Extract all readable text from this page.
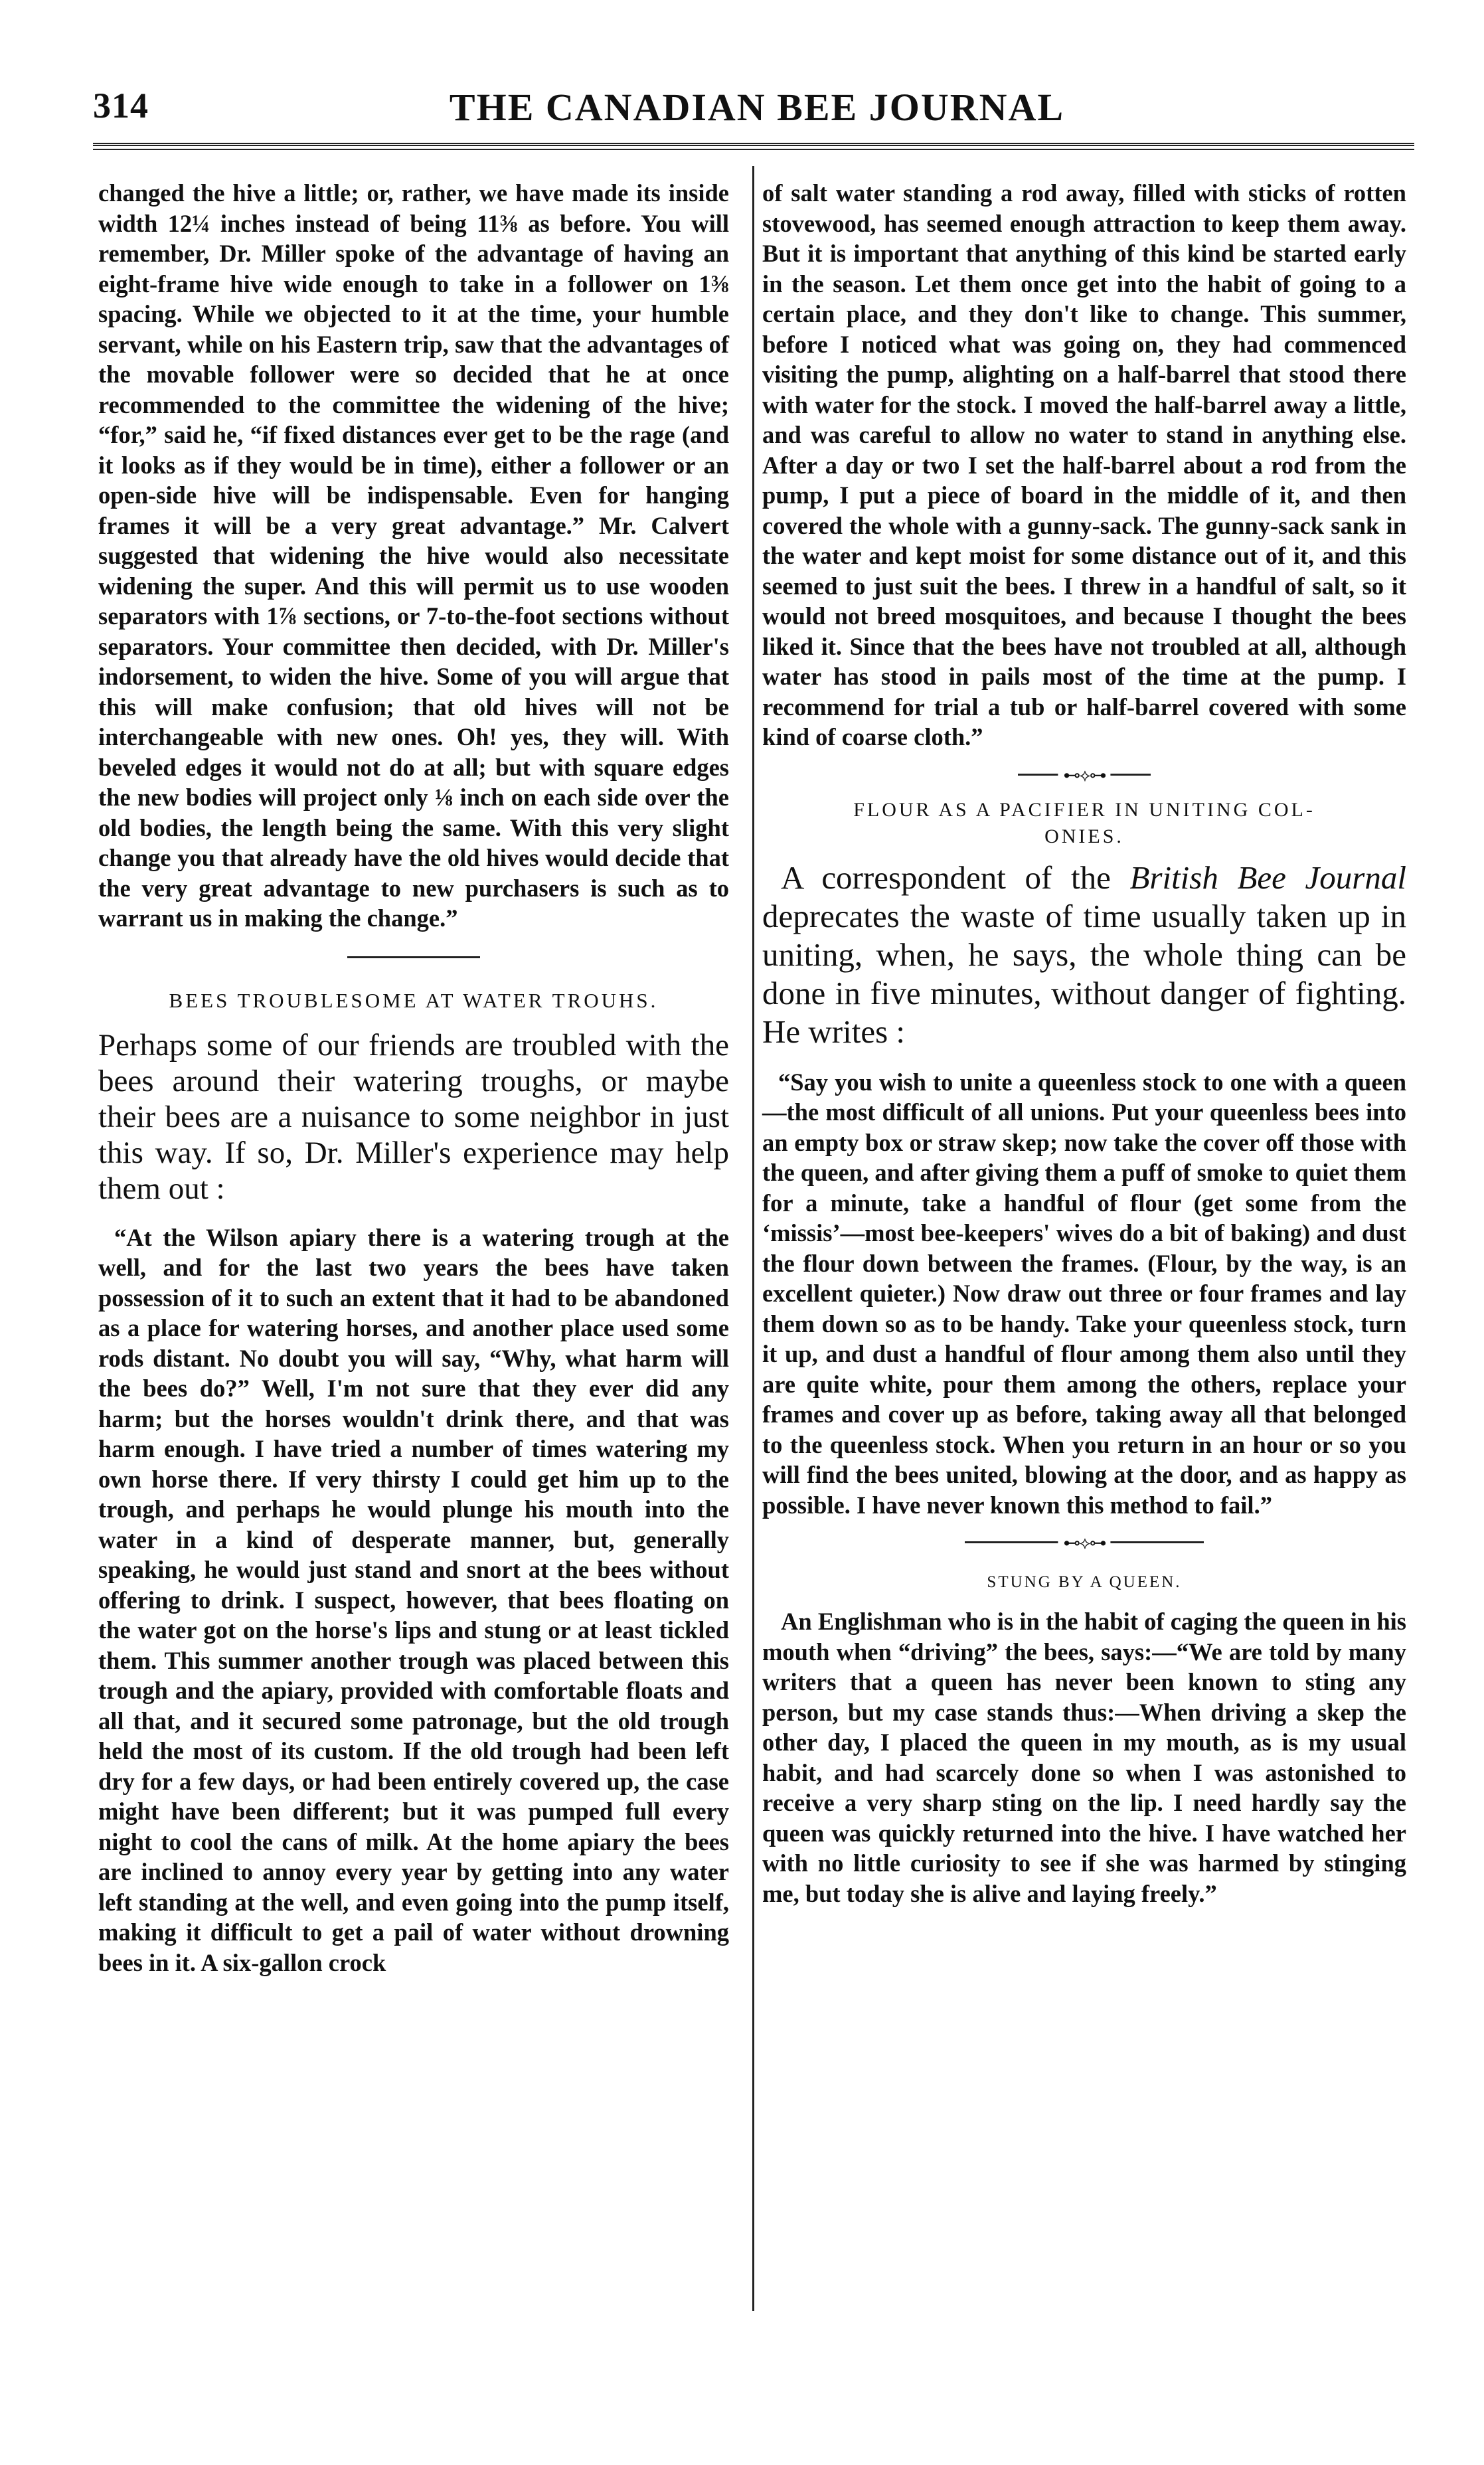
314	THE CANADIAN BEE JOURNAL

changed the hive a little; or, rather, we have made its inside width 12¼ inches instead of being 11⅜ as before. You will remember, Dr. Miller spoke of the advantage of having an eight-frame hive wide enough to take in a follower on 1⅜ spacing. While we objected to it at the time, your humble servant, while on his Eastern trip, saw that the advantages of the movable follower were so decided that he at once recommended to the committee the widening of the hive; “for,” said he, “if fixed distances ever get to be the rage (and it looks as if they would be in time), either a follower or an open-side hive will be indispensable. Even for hanging frames it will be a very great advantage.” Mr. Calvert suggested that widening the hive would also necessitate widening the super. And this will permit us to use wooden separators with 1⅞ sections, or 7-to-the-foot sections without separators. Your committee then decided, with Dr. Miller's indorsement, to widen the hive. Some of you will argue that this will make confusion; that old hives will not be interchangeable with new ones. Oh! yes, they will. With beveled edges it would not do at all; but with square edges the new bodies will project only ⅛ inch on each side over the old bodies, the length being the same. With this very slight change you that already have the old hives would decide that the very great advantage to new purchasers is such as to warrant us in making the change.”

BEES TROUBLESOME AT WATER TROUHS.

Perhaps some of our friends are troubled with the bees around their watering troughs, or maybe their bees are a nuisance to some neighbor in just this way. If so, Dr. Miller's experience may help them out :

“At the Wilson apiary there is a watering trough at the well, and for the last two years the bees have taken possession of it to such an extent that it had to be abandoned as a place for watering horses, and another place used some rods distant. No doubt you will say, “Why, what harm will the bees do?” Well, I'm not sure that they ever did any harm; but the horses wouldn't drink there, and that was harm enough. I have tried a number of times watering my own horse there. If very thirsty I could get him up to the trough, and perhaps he would plunge his mouth into the water in a kind of desperate manner, but, generally speaking, he would just stand and snort at the bees without offering to drink. I suspect, however, that bees floating on the water got on the horse's lips and stung or at least tickled them. This summer another trough was placed between this trough and the apiary, provided with comfortable floats and all that, and it secured some patronage, but the old trough held the most of its custom. If the old trough had been left dry for a few days, or had been entirely covered up, the case might have been different; but it was pumped full every night to cool the cans of milk. At the home apiary the bees are inclined to annoy every year by getting into any water left standing at the well, and even going into the pump itself, making it difficult to get a pail of water without drowning bees in it. A six-gallon crock

of salt water standing a rod away, filled with sticks of rotten stovewood, has seemed enough attraction to keep them away. But it is important that anything of this kind be started early in the season. Let them once get into the habit of going to a certain place, and they don't like to change. This summer, before I noticed what was going on, they had commenced visiting the pump, alighting on a half-barrel that stood there with water for the stock. I moved the half-barrel away a little, and was careful to allow no water to stand in anything else. After a day or two I set the half-barrel about a rod from the pump, I put a piece of board in the middle of it, and then covered the whole with a gunny-sack. The gunny-sack sank in the water and kept moist for some distance out of it, and this seemed to just suit the bees. I threw in a handful of salt, so it would not breed mosquitoes, and because I thought the bees liked it. Since that the bees have not troubled at all, although water has stood in pails most of the time at the pump. I recommend for trial a tub or half-barrel covered with some kind of coarse cloth.”

⊷⟡⊶

FLOUR AS A PACIFIER IN UNITING COL-

ONIES.

A correspondent of the British Bee Journal deprecates the waste of time usually taken up in uniting, when, he says, the whole thing can be done in five minutes, without danger of fighting. He writes :

“Say you wish to unite a queenless stock to one with a queen—the most difficult of all unions. Put your queenless bees into an empty box or straw skep; now take the cover off those with the queen, and after giving them a puff of smoke to quiet them for a minute, take a handful of flour (get some from the ‘missis’—most bee-keepers' wives do a bit of baking) and dust the flour down between the frames. (Flour, by the way, is an excellent quieter.) Now draw out three or four frames and lay them down so as to be handy. Take your queenless stock, turn it up, and dust a handful of flour among them also until they are quite white, pour them among the others, replace your frames and cover up as before, taking away all that belonged to the queenless stock. When you return in an hour or so you will find the bees united, blowing at the door, and as happy as possible. I have never known this method to fail.”

⊷⟡⊶

STUNG BY A QUEEN.

An Englishman who is in the habit of caging the queen in his mouth when “driving” the bees, says:—“We are told by many writers that a queen has never been known to sting any person, but my case stands thus:—When driving a skep the other day, I placed the queen in my mouth, as is my usual habit, and had scarcely done so when I was astonished to receive a very sharp sting on the lip. I need hardly say the queen was quickly returned into the hive. I have watched her with no little curiosity to see if she was harmed by stinging me, but today she is alive and laying freely.”
